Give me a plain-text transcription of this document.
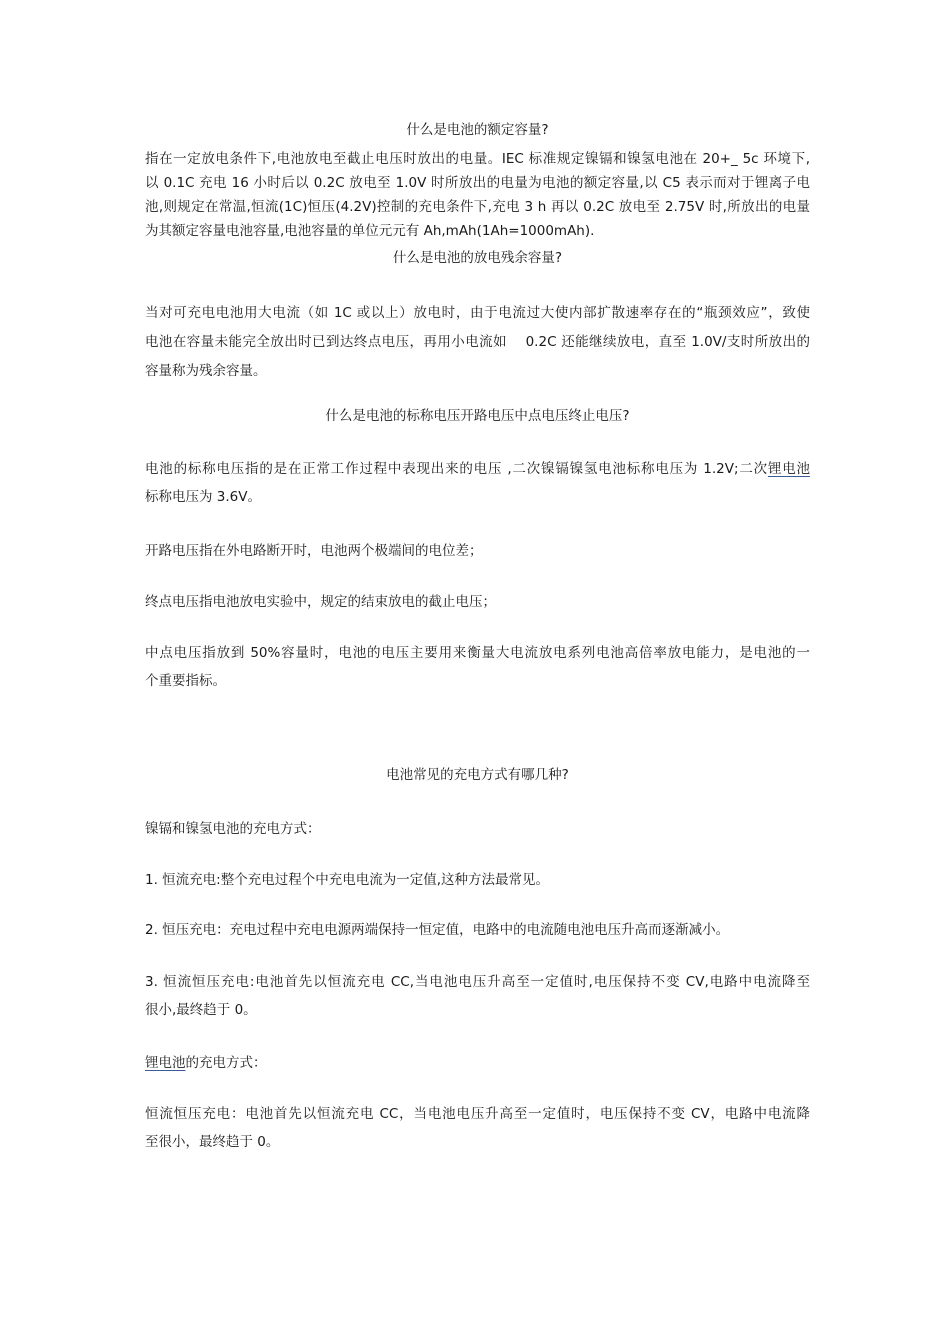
什么是电池的额定容量?
指在一定放电条件下,电池放电至截止电压时放出的电量。IEC 标准规定镍镉和镍氢电池在 20+_ 5c 环境下,
以 0.1C 充电 16 小时后以 0.2C 放电至 1.0V 时所放出的电量为电池的额定容量,以 C5 表示而对于锂离子电
池,则规定在常温,恒流(1C)恒压(4.2V)控制的充电条件下,充电 3 h 再以 0.2C 放电至 2.75V 时,所放出的电量
为其额定容量电池容量,电池容量的单位元元有 Ah,mAh(1Ah=1000mAh).
什么是电池的放电残余容量?
当对可充电电池用大电流（如 1C 或以上）放电时，由于电流过大使内部扩散速率存在的“瓶颈效应”，致使
电池在容量未能完全放出时已到达终点电压，再用小电流如　 0.2C 还能继续放电，直至 1.0V/支时所放出的
容量称为残余容量。
什么是电池的标称电压开路电压中点电压终止电压?
电池的标称电压指的是在正常工作过程中表现出来的电压 ,二次镍镉镍氢电池标称电压为 1.2V;二次锂电池
标称电压为 3.6V。
开路电压指在外电路断开时，电池两个极端间的电位差；
终点电压指电池放电实验中，规定的结束放电的截止电压；
中点电压指放到 50%容量时，电池的电压主要用来衡量大电流放电系列电池高倍率放电能力，是电池的一
个重要指标。
电池常见的充电方式有哪几种?
镍镉和镍氢电池的充电方式：
1. 恒流充电:整个充电过程个中充电电流为一定值,这种方法最常见。
2. 恒压充电：充电过程中充电电源两端保持一恒定值，电路中的电流随电池电压升高而逐渐减小。
3. 恒流恒压充电:电池首先以恒流充电 CC,当电池电压升高至一定值时,电压保持不变 CV,电路中电流降至
很小,最终趋于 0。
锂电池的充电方式：
恒流恒压充电：电池首先以恒流充电 CC，当电池电压升高至一定值时，电压保持不变 CV，电路中电流降
至很小，最终趋于 0。
